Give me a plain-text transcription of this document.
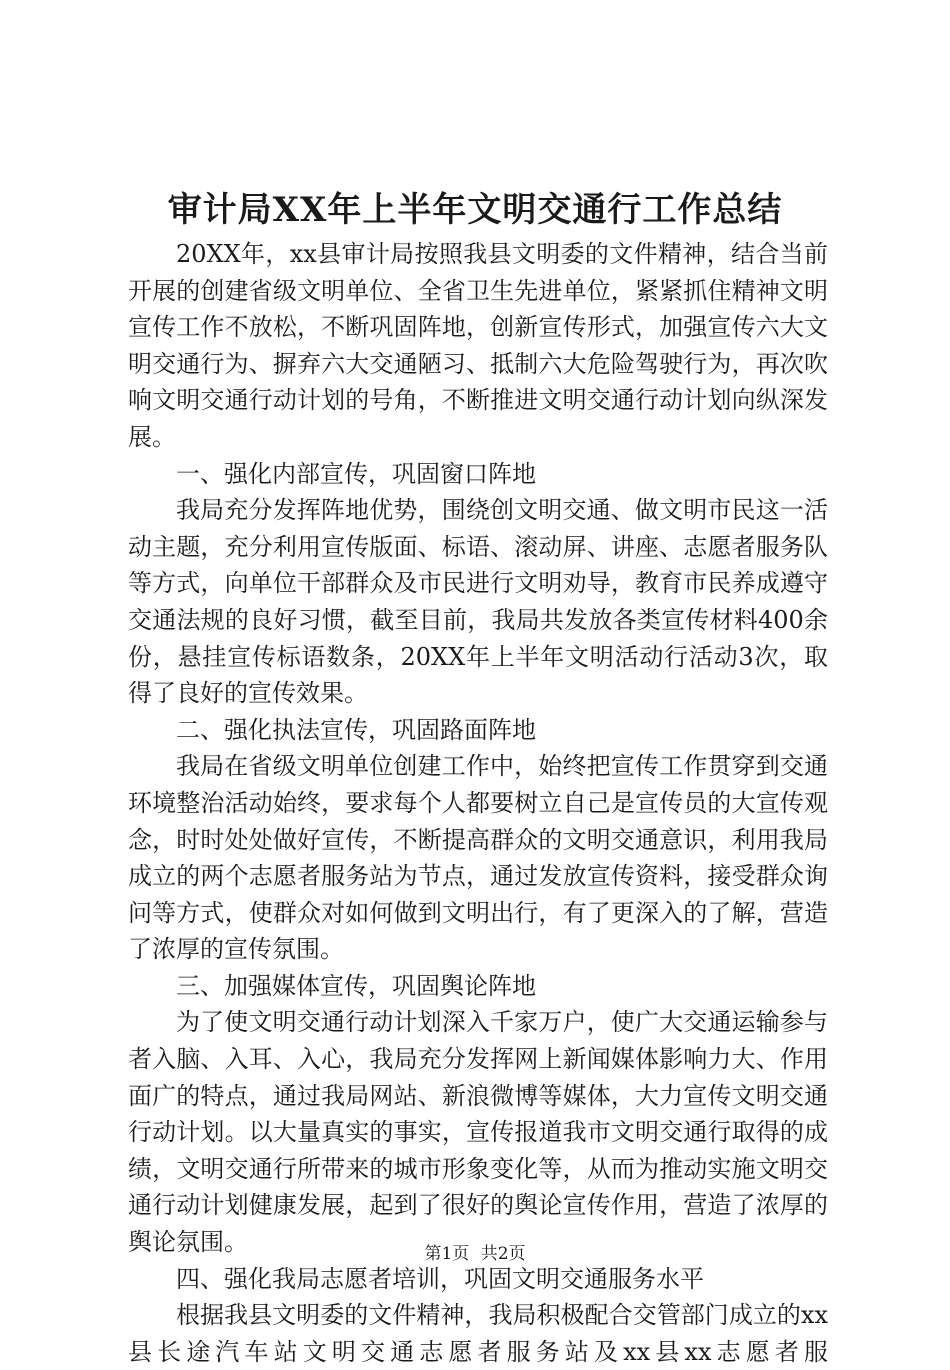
审计局XX年上半年文明交通行工作总结

20XX年，xx县审计局按照我县文明委的文件精神，结合当前开展的创建省级文明单位、全省卫生先进单位，紧紧抓住精神文明宣传工作不放松，不断巩固阵地，创新宣传形式，加强宣传六大文明交通行为、摒弃六大交通陋习、抵制六大危险驾驶行为，再次吹响文明交通行动计划的号角，不断推进文明交通行动计划向纵深发展。

一、强化内部宣传，巩固窗口阵地

我局充分发挥阵地优势，围绕创文明交通、做文明市民这一活动主题，充分利用宣传版面、标语、滚动屏、讲座、志愿者服务队等方式，向单位干部群众及市民进行文明劝导，教育市民养成遵守交通法规的良好习惯，截至目前，我局共发放各类宣传材料400余份，悬挂宣传标语数条，20XX年上半年文明活动行活动3次，取得了良好的宣传效果。

二、强化执法宣传，巩固路面阵地

我局在省级文明单位创建工作中，始终把宣传工作贯穿到交通环境整治活动始终，要求每个人都要树立自己是宣传员的大宣传观念，时时处处做好宣传，不断提高群众的文明交通意识，利用我局成立的两个志愿者服务站为节点，通过发放宣传资料，接受群众询问等方式，使群众对如何做到文明出行，有了更深入的了解，营造了浓厚的宣传氛围。

三、加强媒体宣传，巩固舆论阵地

为了使文明交通行动计划深入千家万户，使广大交通运输参与者入脑、入耳、入心，我局充分发挥网上新闻媒体影响力大、作用面广的特点，通过我局网站、新浪微博等媒体，大力宣传文明交通行动计划。以大量真实的事实，宣传报道我市文明交通行取得的成绩，文明交通行所带来的城市形象变化等，从而为推动实施文明交通行动计划健康发展，起到了很好的舆论宣传作用，营造了浓厚的舆论氛围。

四、强化我局志愿者培训，巩固文明交通服务水平

根据我县文明委的文件精神，我局积极配合交管部门成立的xx县长途汽车站文明交通志愿者服务站及xx县xx志愿者服

第1页 共2页
